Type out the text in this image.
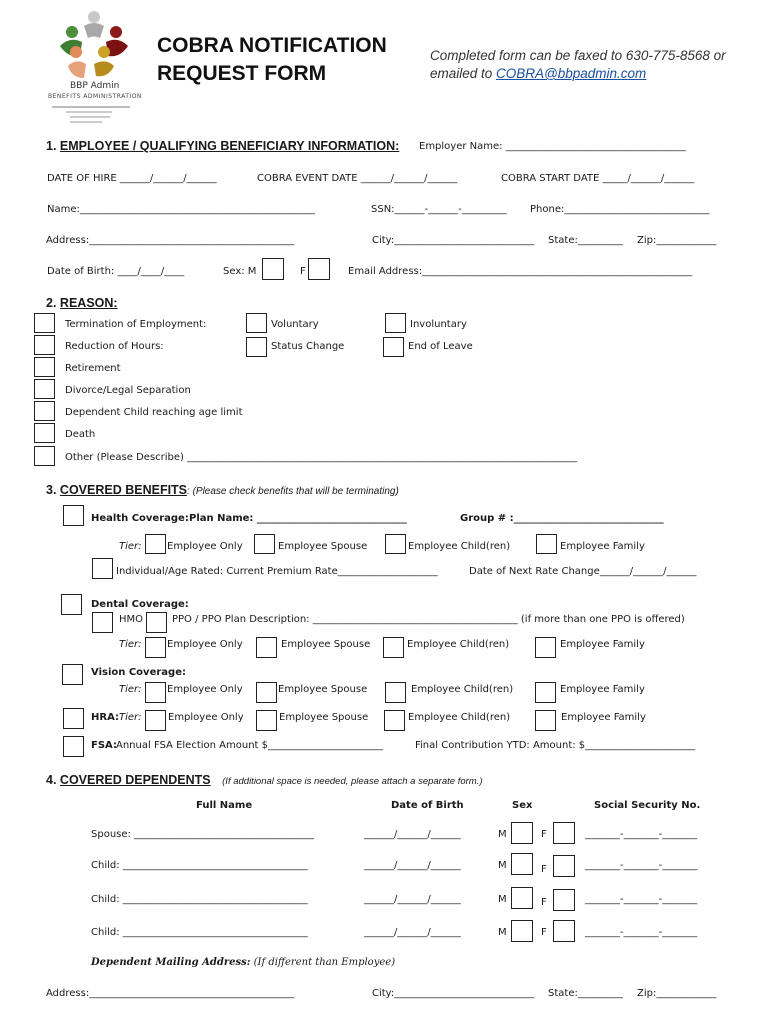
BBP Admin
BENEFITS ADMINISTRATION
COBRA NOTIFICATION
REQUEST FORM
Completed form can be faxed to 630-775-8568 or
emailed to COBRA@bbpadmin.com
1. EMPLOYEE / QUALIFYING BENEFICIARY INFORMATION: Employer Name: ____________________________________
DATE OF HIRE ______/______/______	COBRA EVENT DATE ______/______/______	COBRA START DATE _____/______/______
Name:_______________________________________________	SSN:______-______-_________ Phone:_____________________________
Address:_________________________________________	City:____________________________ State:_________ Zip:____________
Date of Birth: ____/____/____	Sex: M	F	Email Address:______________________________________________________
2. REASON:
Termination of Employment:	Voluntary	Involuntary
Reduction of Hours:	Status Change	End of Leave
Retirement
Divorce/Legal Separation
Dependent Child reaching age limit
Death
Other (Please Describe) ______________________________________________________________________________
3. COVERED BENEFITS: (Please check benefits that will be terminating)
Health Coverage: Plan Name: ______________________________	Group # :______________________________
Tier:	Employee Only	Employee Spouse	Employee Child(ren)	Employee Family
Individual/Age Rated: Current Premium Rate____________________	Date of Next Rate Change______/______/______
Dental Coverage:
HMO	PPO / PPO Plan Description: _________________________________________ (if more than one PPO is offered)
Tier:	Employee Only	Employee Spouse	Employee Child(ren)	Employee Family
Vision Coverage:
Tier:	Employee Only	Employee Spouse	Employee Child(ren)	Employee Family
HRA: Tier:	Employee Only	Employee Spouse	Employee Child(ren)	Employee Family
FSA: Annual FSA Election Amount $_______________________	Final Contribution YTD: Amount: $______________________
4. COVERED DEPENDENTS (If additional space is needed, please attach a separate form.)
Full Name	Date of Birth	Sex	Social Security No.
Spouse: ____________________________________	______/______/______	M	F	_______-_______-_______
Child: _____________________________________	______/______/______	M	F	_______-_______-_______
Child: _____________________________________	______/______/______	M	F	_______-_______-_______
Child: _____________________________________	______/______/______	M	F	_______-_______-_______
Dependent Mailing Address: (If different than Employee)
Address:_________________________________________	City:____________________________ State:_________ Zip:____________
